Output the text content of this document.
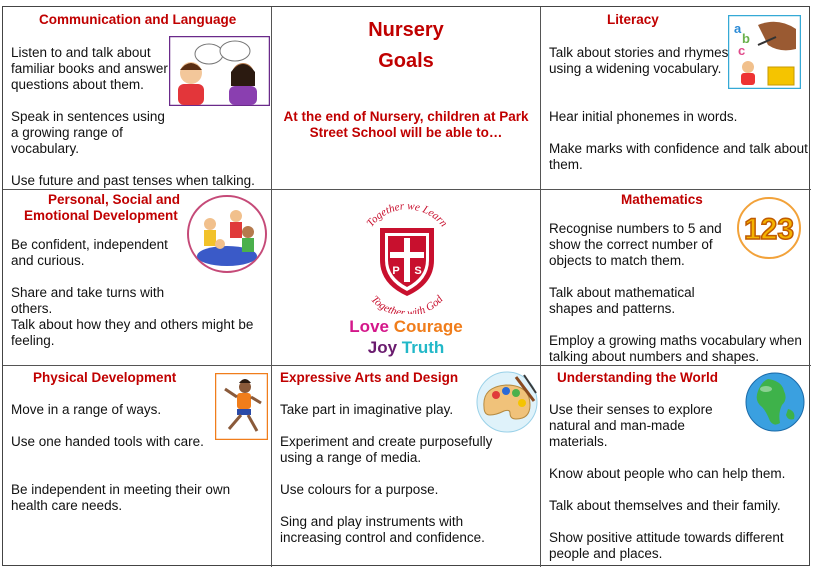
Communication and Language

Listen to and talk about familiar books and answer questions about them.

Speak in sentences using a growing range of vocabulary.

Use future and past tenses when talking.

Nursery
Goals
At the end of Nursery, children at Park
Street School will be able to…
Literacy
a
b
c

Talk about stories and rhymes using a widening vocabulary.

Hear initial phonemes in words.

Make marks with confidence and talk about them.

Personal, Social and
Emotional Development

Be confident, independent and curious.

Share and take turns with others.

Talk about how they and others might be feeling.

Together we Learn
P S
Together with God
Love Courage
Joy Truth
Mathematics
123

Recognise numbers to 5 and show the correct number of objects to match them.

Talk about mathematical shapes and patterns.

Employ a growing maths vocabulary when talking about numbers and shapes.

Physical Development

Move in a range of ways.

Use one handed tools with care.

Be independent in meeting their own health care needs.

Expressive Arts and Design

Take part in imaginative play.

Experiment and create purposefully using a range of media.

Use colours for a purpose.

Sing and play instruments with increasing control and confidence.

Understanding the World

Use their senses to explore natural and man-made materials.

Know about people who can help them.

Talk about themselves and their family.

Show positive attitude towards different people and places.
